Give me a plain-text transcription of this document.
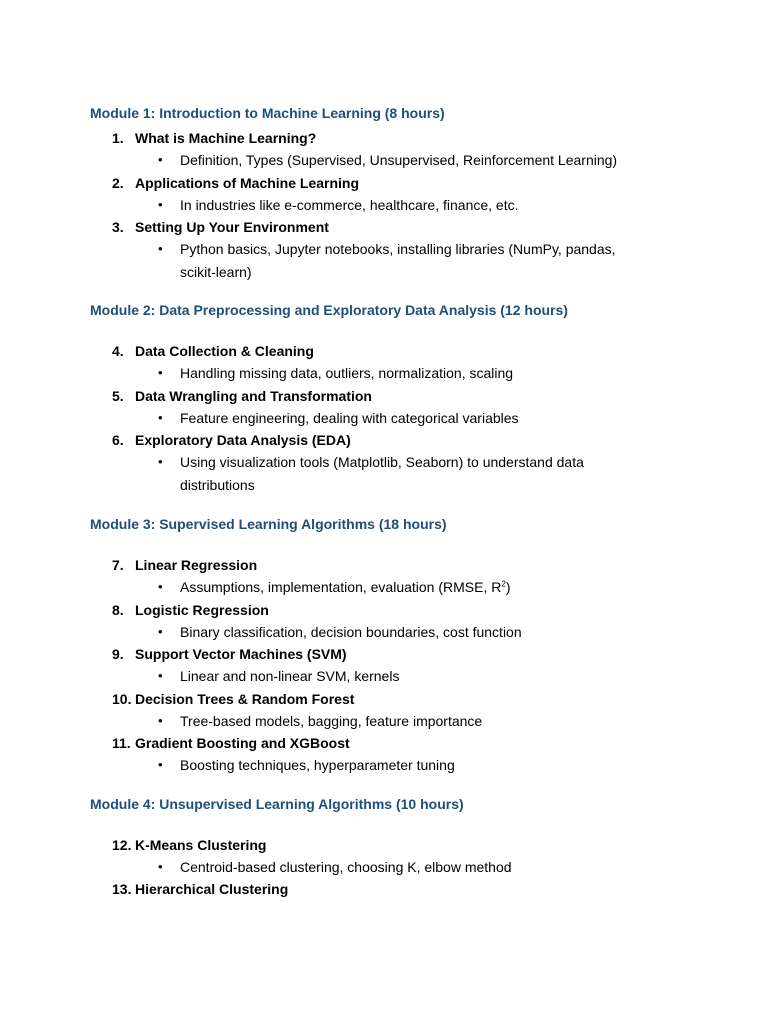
Module 1: Introduction to Machine Learning (8 hours)
1. What is Machine Learning?
• Definition, Types (Supervised, Unsupervised, Reinforcement Learning)
2. Applications of Machine Learning
• In industries like e-commerce, healthcare, finance, etc.
3. Setting Up Your Environment
• Python basics, Jupyter notebooks, installing libraries (NumPy, pandas, scikit-learn)
Module 2: Data Preprocessing and Exploratory Data Analysis (12 hours)
4. Data Collection & Cleaning
• Handling missing data, outliers, normalization, scaling
5. Data Wrangling and Transformation
• Feature engineering, dealing with categorical variables
6. Exploratory Data Analysis (EDA)
• Using visualization tools (Matplotlib, Seaborn) to understand data distributions
Module 3: Supervised Learning Algorithms (18 hours)
7. Linear Regression
• Assumptions, implementation, evaluation (RMSE, $R^2$)
8. Logistic Regression
• Binary classification, decision boundaries, cost function
9. Support Vector Machines (SVM)
• Linear and non-linear SVM, kernels
10. Decision Trees & Random Forest
• Tree-based models, bagging, feature importance
11. Gradient Boosting and XGBoost
• Boosting techniques, hyperparameter tuning
Module 4: Unsupervised Learning Algorithms (10 hours)
12. K-Means Clustering
• Centroid-based clustering, choosing K, elbow method
13. Hierarchical Clustering
